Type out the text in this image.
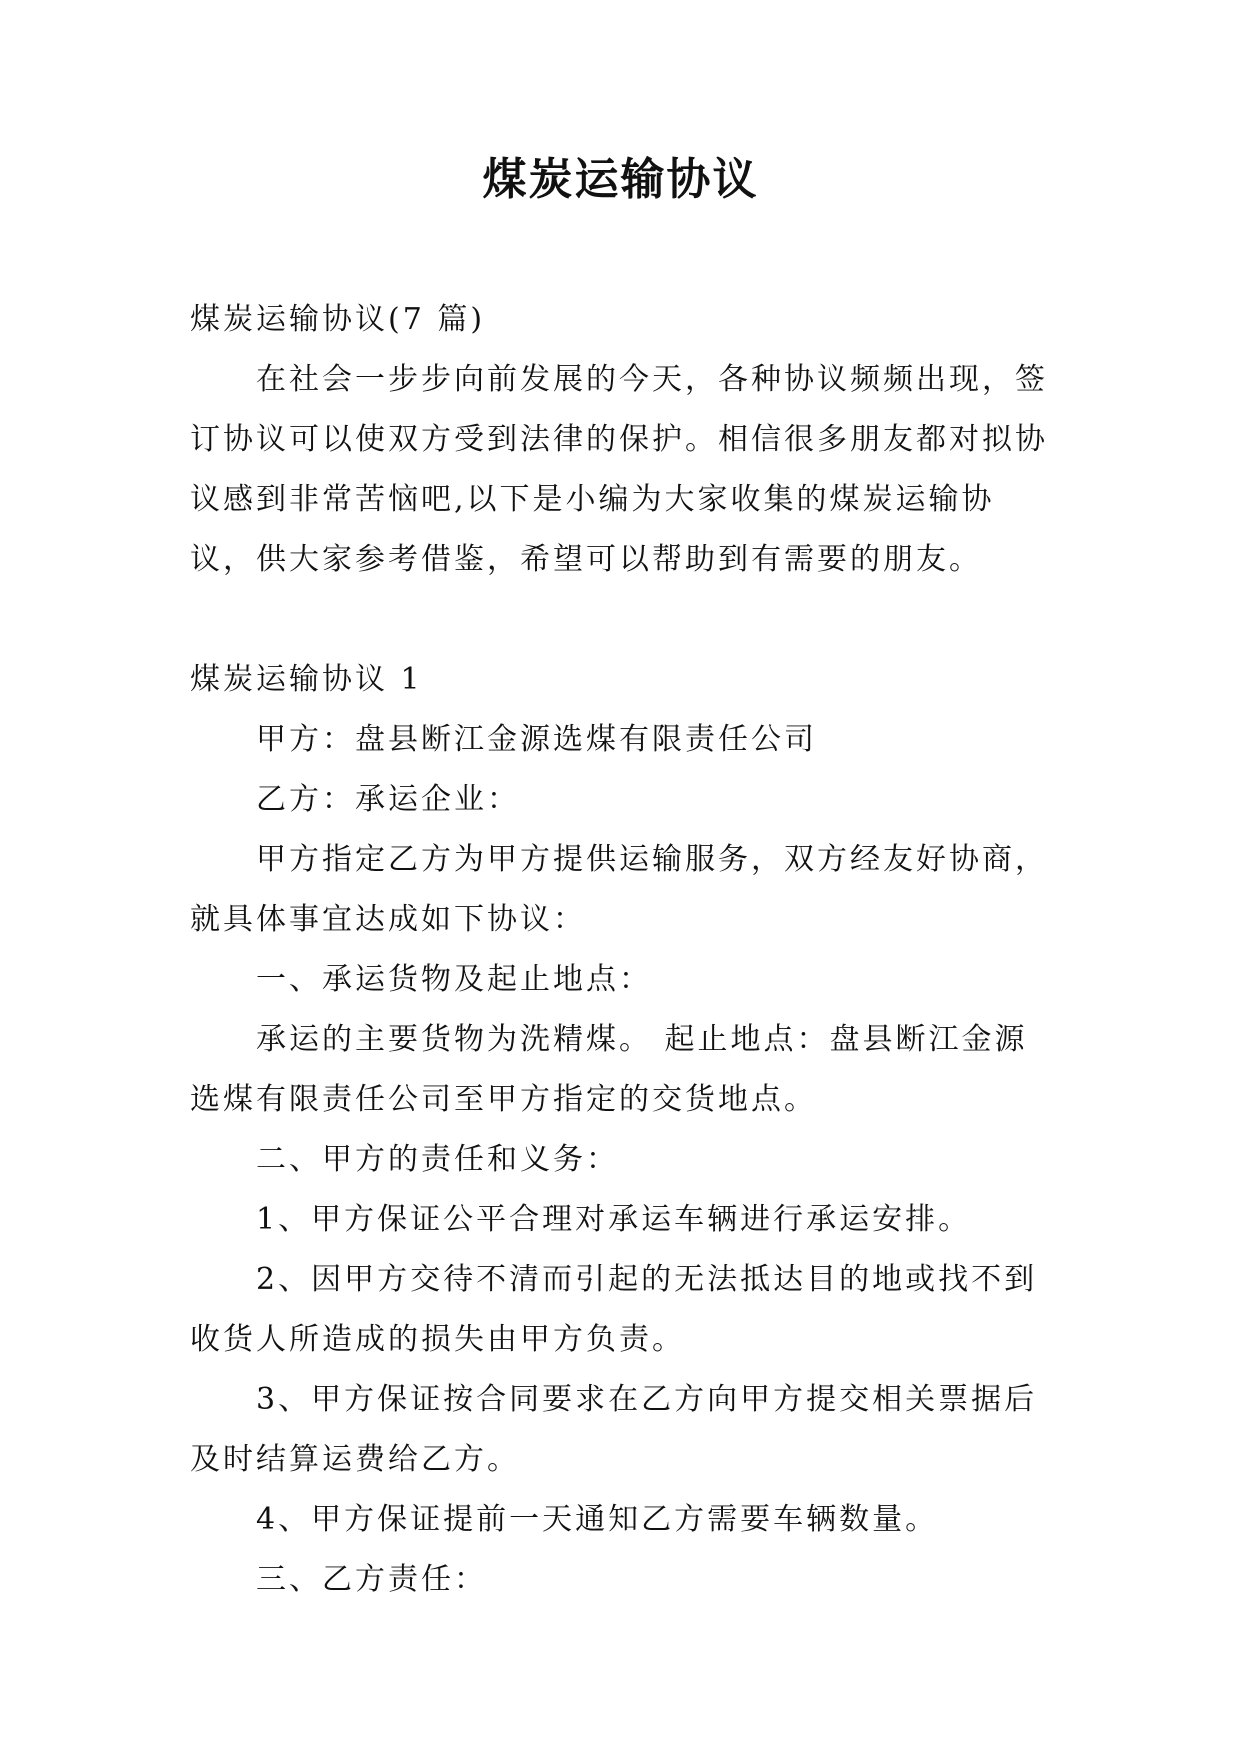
煤炭运输协议

煤炭运输协议(7 篇)

在社会一步步向前发展的今天，各种协议频频出现，签订协议可以使双方受到法律的保护。相信很多朋友都对拟协议感到非常苦恼吧,以下是小编为大家收集的煤炭运输协议，供大家参考借鉴，希望可以帮助到有需要的朋友。

煤炭运输协议 1

甲方：盘县断江金源选煤有限责任公司

乙方：承运企业：

甲方指定乙方为甲方提供运输服务，双方经友好协商，就具体事宜达成如下协议：

一、承运货物及起止地点：

承运的主要货物为洗精煤。 起止地点：盘县断江金源选煤有限责任公司至甲方指定的交货地点。

二、甲方的责任和义务：

1、甲方保证公平合理对承运车辆进行承运安排。

2、因甲方交待不清而引起的无法抵达目的地或找不到收货人所造成的损失由甲方负责。

3、甲方保证按合同要求在乙方向甲方提交相关票据后及时结算运费给乙方。

4、甲方保证提前一天通知乙方需要车辆数量。

三、乙方责任：
